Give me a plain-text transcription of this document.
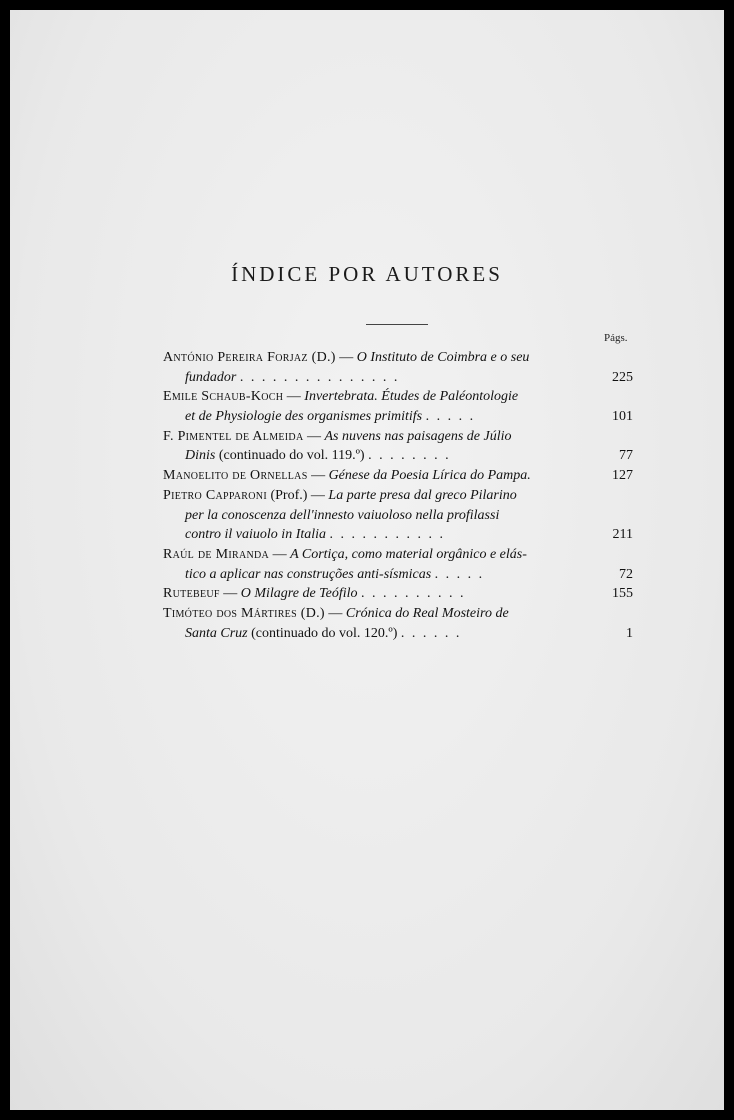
ÍNDICE POR AUTORES
Págs.
António Pereira Forjaz (D.) — O Instituto de Coimbra e o seu
fundador . . . . . . . . . . . . . . .	225
Emile Schaub-Koch — Invertebrata. Études de Paléontologie
et de Physiologie des organismes primitifs . . . . .	101
F. Pimentel de Almeida — As nuvens nas paisagens de Júlio
Dinis (continuado do vol. 119.º) . . . . . . . .	77
Manoelito de Ornellas — Génese da Poesia Lírica do Pampa.	127
Pietro Capparoni (Prof.) — La parte presa dal greco Pilarino
per la conoscenza dell'innesto vaiuoloso nella profilassi
contro il vaiuolo in Italia . . . . . . . . . . .	211
Raúl de Miranda — A Cortiça, como material orgânico e elás-
tico a aplicar nas construções anti-sísmicas . . . . .	72
Rutebeuf — O Milagre de Teófilo . . . . . . . . . .	155
Timóteo dos Mártires (D.) — Crónica do Real Mosteiro de
Santa Cruz (continuado do vol. 120.º) . . . . . .	1
